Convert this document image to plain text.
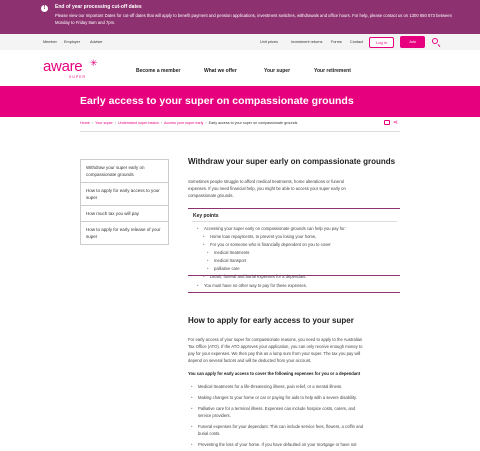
!	End of year processing cut-off dates
Please view our Important Dates for cut-off dates that will apply to benefit payment and pension applications, investment switches, withdrawals and office hours. For help, please contact us on 1300 650 873 between Monday to Friday 8am and 7pm.
Member Employer	Adviser	Unit prices	Investment returns Forms Contact	Log in	Join
aware ✳
SUPER
Become a member	What we offer	Your super	Your retirement
Early access to your super on compassionate grounds
Home › Your super › Understand super basics › Access your super early › Early access to your super on compassionate grounds	⋖
Withdraw your super early on compassionate grounds
How to apply for early access to your super
How much tax you will pay
How to apply for early release of your super
Withdraw your super early on compassionate grounds
Sometimes people struggle to afford medical treatments, home alterations or funeral
expenses. If you need financial help, you might be able to access your super early on
compassionate grounds.
Key points
• Accessing your super early on compassionate grounds can help you pay for:
• Home loan repayments, to prevent you losing your home,
• For you or someone who is financially dependent on you to cover
• medical treatments
• medical transport
• palliative care
• Death, funeral and burial expenses for a dependant.
• You must have no other way to pay for these expenses.
How to apply for early access to your super
For early access of your super for compassionate reasons, you need to apply to the Australian
Tax Office (ATO). If the ATO approves your application, you can only receive enough money to
pay for your expenses. We then pay this as a lump sum from your super. The tax you pay will
depend on several factors and will be deducted from your account.
You can apply for early access to cover the following expenses for you or a dependant
• Medical treatments for a life-threatening illness, pain relief, or a mental illness.
• Making changes to your home or car or paying for aids to help with a severe disability.
• Palliative care for a terminal illness. Expenses can include hospice costs, carers, and
service providers.
• Funeral expenses for your dependant. This can include service fees, flowers, a coffin and
burial costs.
• Preventing the loss of your home. If you have defaulted on your mortgage or have not
